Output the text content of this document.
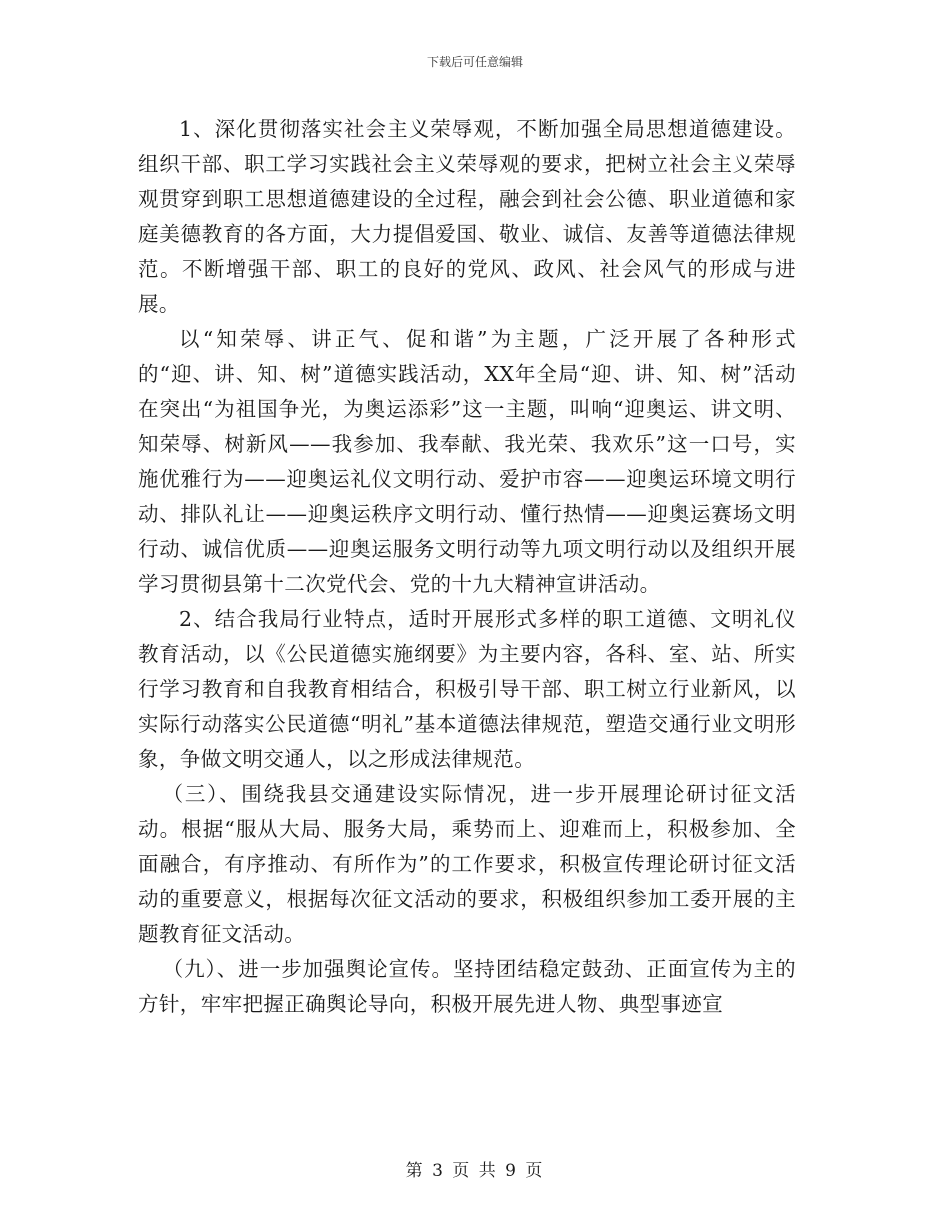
下载后可任意编辑

1、深化贯彻落实社会主义荣辱观，不断加强全局思想道德建设。组织干部、职工学习实践社会主义荣辱观的要求，把树立社会主义荣辱观贯穿到职工思想道德建设的全过程，融会到社会公德、职业道德和家庭美德教育的各方面，大力提倡爱国、敬业、诚信、友善等道德法律规范。不断增强干部、职工的良好的党风、政风、社会风气的形成与进展。

以“知荣辱、讲正气、促和谐”为主题，广泛开展了各种形式的“迎、讲、知、树”道德实践活动，XX年全局“迎、讲、知、树”活动在突出“为祖国争光，为奥运添彩”这一主题，叫响“迎奥运、讲文明、知荣辱、树新风——我参加、我奉献、我光荣、我欢乐”这一口号，实施优雅行为——迎奥运礼仪文明行动、爱护市容——迎奥运环境文明行动、排队礼让——迎奥运秩序文明行动、懂行热情——迎奥运赛场文明行动、诚信优质——迎奥运服务文明行动等九项文明行动以及组织开展学习贯彻县第十二次党代会、党的十九大精神宣讲活动。

2、结合我局行业特点，适时开展形式多样的职工道德、文明礼仪教育活动，以《公民道德实施纲要》为主要内容，各科、室、站、所实行学习教育和自我教育相结合，积极引导干部、职工树立行业新风，以实际行动落实公民道德“明礼”基本道德法律规范，塑造交通行业文明形象，争做文明交通人，以之形成法律规范。

（三）、围绕我县交通建设实际情况，进一步开展理论研讨征文活动。根据“服从大局、服务大局，乘势而上、迎难而上，积极参加、全面融合，有序推动、有所作为”的工作要求，积极宣传理论研讨征文活动的重要意义，根据每次征文活动的要求，积极组织参加工委开展的主题教育征文活动。

（九）、进一步加强舆论宣传。坚持团结稳定鼓劲、正面宣传为主的方针，牢牢把握正确舆论导向，积极开展先进人物、典型事迹宣

第 3 页 共 9 页
